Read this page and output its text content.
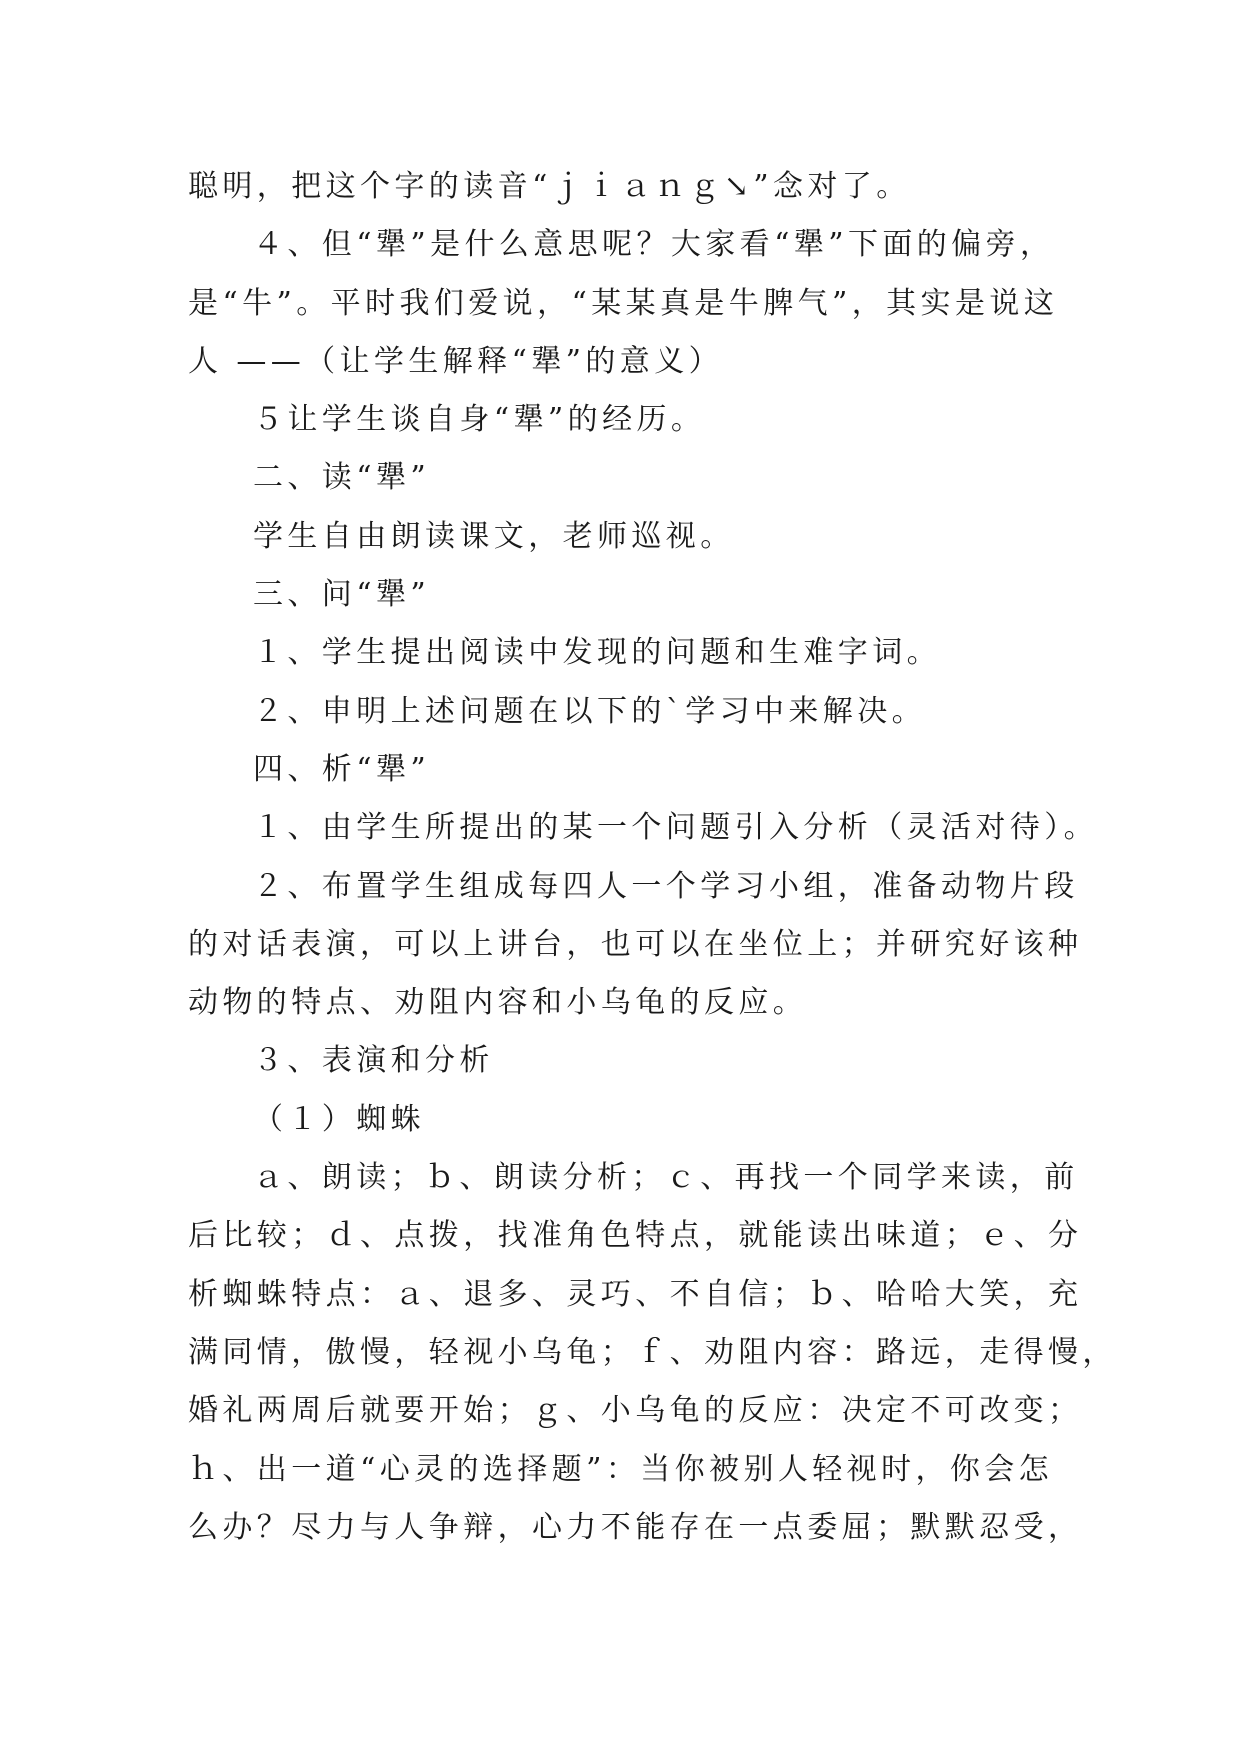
聪明，把这个字的读音“ｊｉａｎｇ↘”念对了。

４、但“犟”是什么意思呢？大家看“犟”下面的偏旁，

是“牛”。平时我们爱说，“某某真是牛脾气”，其实是说这

人 ——（让学生解释“犟”的意义）

５让学生谈自身“犟”的经历。

二、读“犟”

学生自由朗读课文，老师巡视。

三、问“犟”

１、学生提出阅读中发现的问题和生难字词。

２、申明上述问题在以下的`学习中来解决。

四、析“犟”

１、由学生所提出的某一个问题引入分析（灵活对待）。

２、布置学生组成每四人一个学习小组，准备动物片段

的对话表演，可以上讲台，也可以在坐位上；并研究好该种

动物的特点、劝阻内容和小乌龟的反应。

３、表演和分析

（１）蜘蛛

ａ、朗读；ｂ、朗读分析；ｃ、再找一个同学来读，前

后比较；ｄ、点拨，找准角色特点，就能读出味道；ｅ、分

析蜘蛛特点：ａ、退多、灵巧、不自信；ｂ、哈哈大笑，充

满同情，傲慢，轻视小乌龟；ｆ、劝阻内容：路远，走得慢，

婚礼两周后就要开始；ｇ、小乌龟的反应：决定不可改变；

ｈ、出一道“心灵的选择题”：当你被别人轻视时，你会怎

么办？尽力与人争辩，心力不能存在一点委屈；默默忍受，
